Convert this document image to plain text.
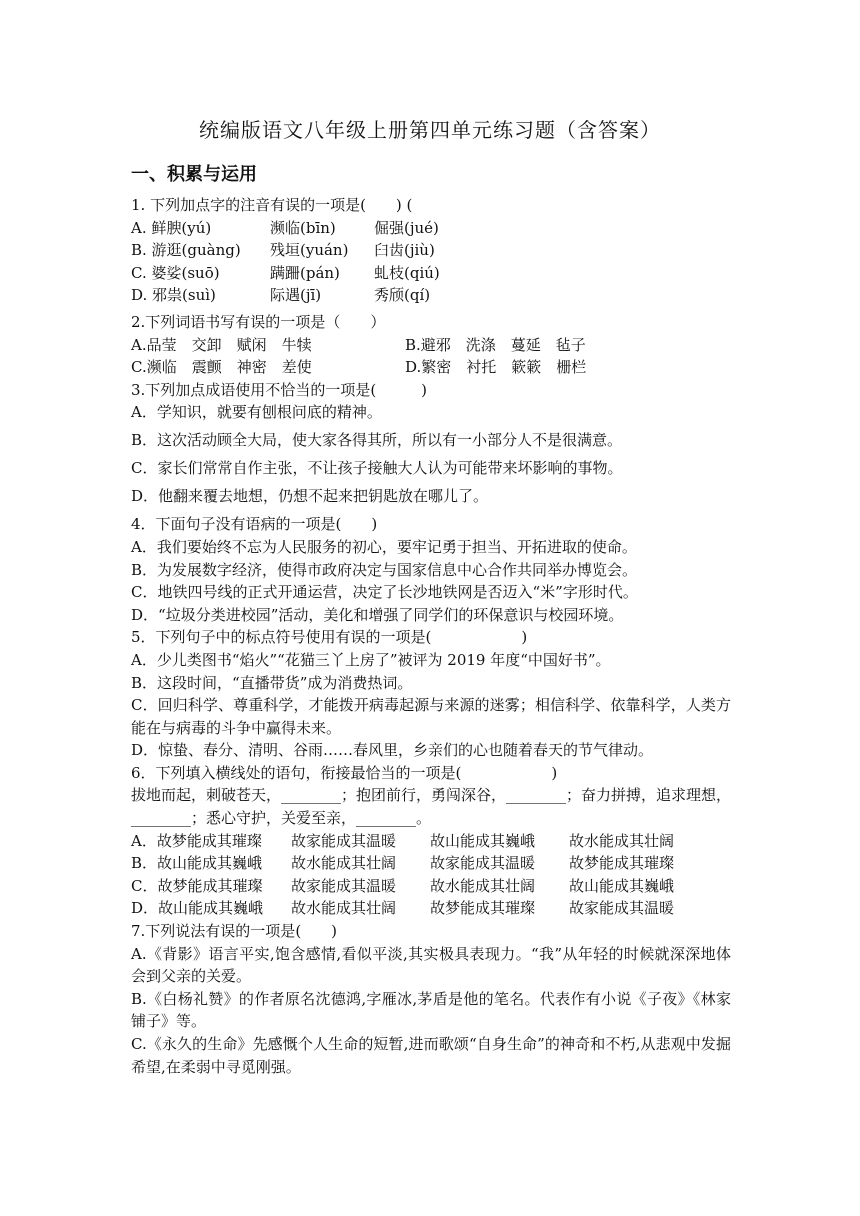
统编版语文八年级上册第四单元练习题（含答案）
一、积累与运用
1. 下列加点字的注音有误的一项是(　　) (
A. 鲜腴(yú)	濒临(bīn)	倔强(jué)
B. 游逛(guàng) 残垣(yuán) 臼齿(jiù)
C. 婆娑(suō)	蹒跚(pán) 虬枝(qiú)
D. 邪祟(suì)	际遇(jī)	秀颀(qí)
2.下列词语书写有误的一项是（　　）
A.品莹　交卸　赋闲　牛犊	B.避邪　洗涤　蔓延　毡子
C.濒临　震颤　神密　差使	D.繁密　衬托　簌簌　栅栏
3.下列加点成语使用不恰当的一项是(　　　)
A．学知识，就要有刨根问底的精神。
B．这次活动顾全大局，使大家各得其所，所以有一小部分人不是很满意。
C．家长们常常自作主张，不让孩子接触大人认为可能带来坏影响的事物。
D．他翻来覆去地想，仍想不起来把钥匙放在哪儿了。
4．下面句子没有语病的一项是(　　)
A．我们要始终不忘为人民服务的初心，要牢记勇于担当、开拓进取的使命。
B．为发展数字经济，使得市政府决定与国家信息中心合作共同举办博览会。
C．地铁四号线的正式开通运营，决定了长沙地铁网是否迈入“米”字形时代。
D．“垃圾分类进校园”活动，美化和增强了同学们的环保意识与校园环境。
5．下列句子中的标点符号使用有误的一项是(　　　　　　)
A．少儿类图书“焰火”“花猫三丫上房了”被评为 2019 年度“中国好书”。
B．这段时间，“直播带货”成为消费热词。
C．回归科学、尊重科学，才能拨开病毒起源与来源的迷雾；相信科学、依靠科学，人类方能在与病毒的斗争中赢得未来。
D．惊蛰、春分、清明、谷雨……春风里，乡亲们的心也随着春天的节气律动。
6．下列填入横线处的语句，衔接最恰当的一项是(　　　　　　)
拔地而起，刺破苍天，________；抱团前行，勇闯深谷，________；奋力拼搏，追求理想，________；悉心守护，关爱至亲，________。
A．故梦能成其璀璨 故家能成其温暖 故山能成其巍峨 故水能成其壮阔
B．故山能成其巍峨 故水能成其壮阔 故家能成其温暖 故梦能成其璀璨
C．故梦能成其璀璨 故家能成其温暖 故水能成其壮阔 故山能成其巍峨
D．故山能成其巍峨 故水能成其壮阔 故梦能成其璀璨 故家能成其温暖
7.下列说法有误的一项是(　　)
A.《背影》语言平实,饱含感情,看似平淡,其实极具表现力。“我”从年轻的时候就深深地体会到父亲的关爱。
B.《白杨礼赞》的作者原名沈德鸿,字雁冰,茅盾是他的笔名。代表作有小说《子夜》《林家铺子》等。
C.《永久的生命》先感慨个人生命的短暂,进而歌颂“自身生命”的神奇和不朽,从悲观中发掘希望,在柔弱中寻觅刚强。
